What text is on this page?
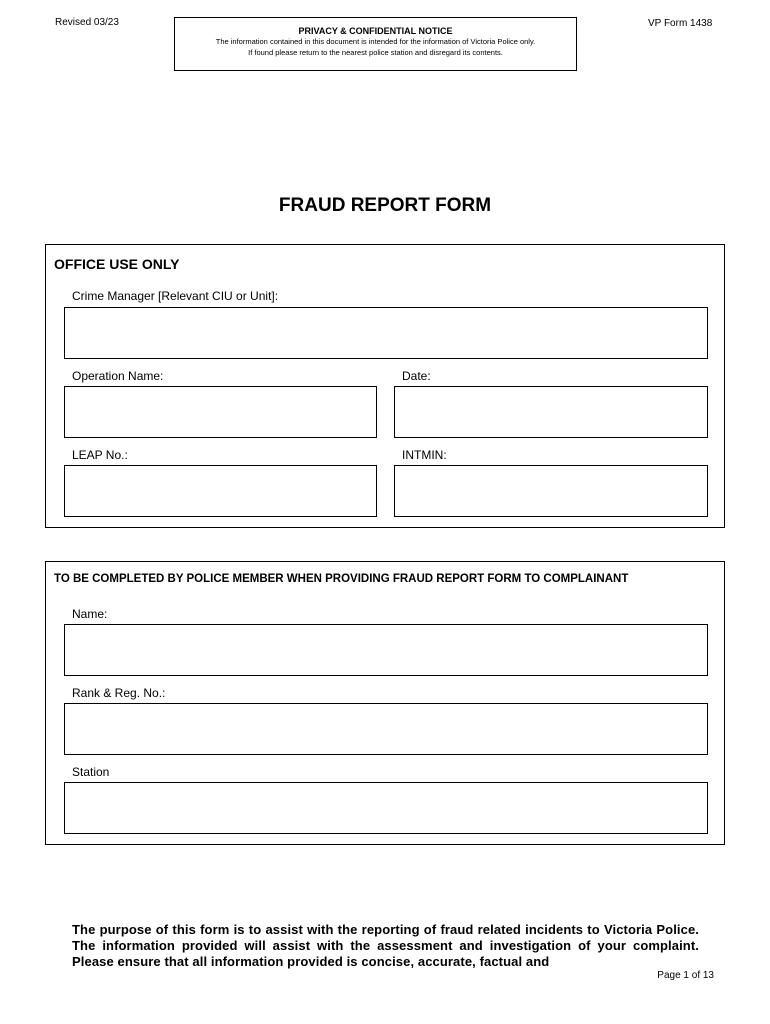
Revised 03/23	VP Form 1438
PRIVACY & CONFIDENTIAL NOTICE
The information contained in this document is intended for the information of Victoria Police only.
If found please return to the nearest police station and disregard its contents.
FRAUD REPORT FORM
OFFICE USE ONLY
Crime Manager [Relevant CIU or Unit]:
Operation Name:	Date:
LEAP No.:	INTMIN:
TO BE COMPLETED BY POLICE MEMBER WHEN PROVIDING FRAUD REPORT FORM TO COMPLAINANT
Name:
Rank & Reg. No.:
Station
The purpose of this form is to assist with the reporting of fraud related incidents to Victoria Police. The information provided will assist with the assessment and investigation of your complaint. Please ensure that all information provided is concise, accurate, factual and
Page 1 of 13
